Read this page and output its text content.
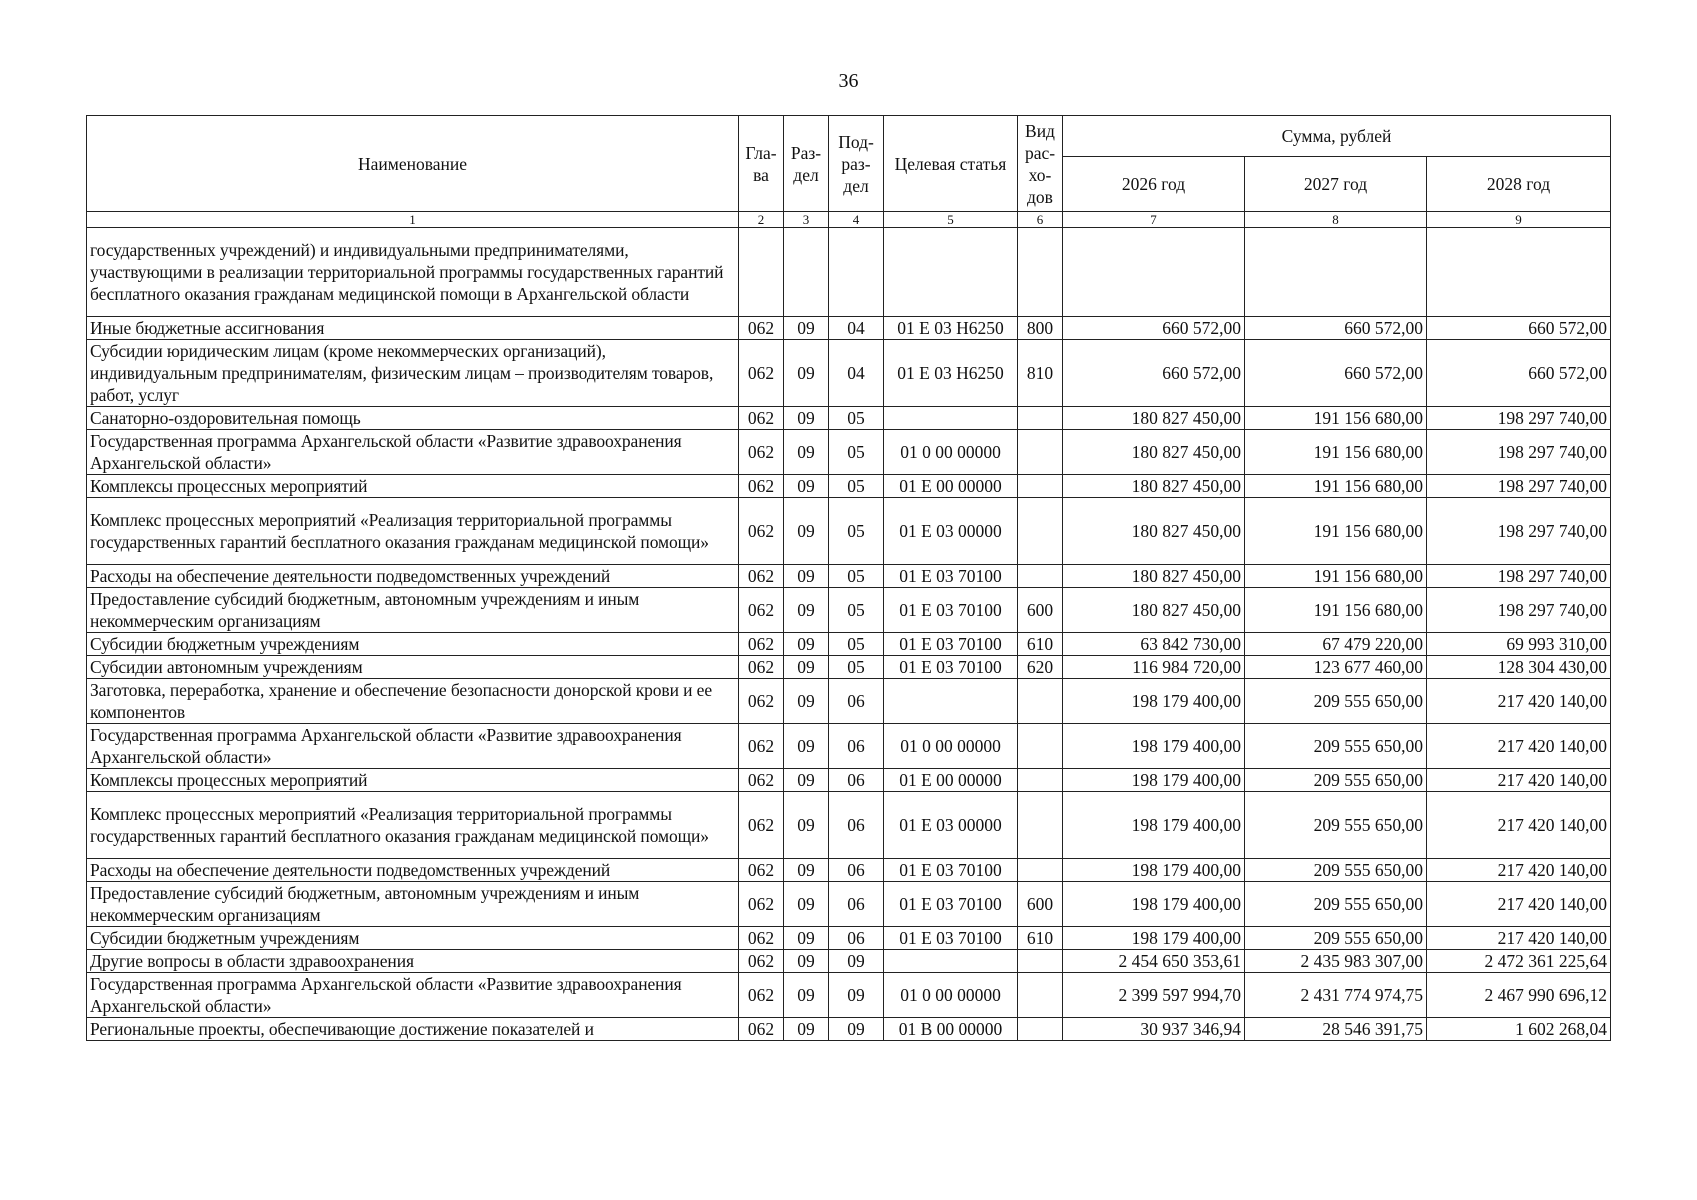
36
Наименование	Гла-ва	Раз-дел	Под-раз-дел	Целевая статья	Вид рас-хо-дов	Сумма, рублей		
						2026 год	2027 год	2028 год
1	2	3	4	5	6	7	8	9
государственных учреждений) и индивидуальными предпринимателями, участвующими в реализации территориальной программы государственных гарантий бесплатного оказания гражданам медицинской помощи в Архангельской области								
Иные бюджетные ассигнования	062	09	04	01 Е 03 Н6250	800	660 572,00	660 572,00	660 572,00
Субсидии юридическим лицам (кроме некоммерческих организаций), индивидуальным предпринимателям, физическим лицам – производителям товаров, работ, услуг	062	09	04	01 Е 03 Н6250	810	660 572,00	660 572,00	660 572,00
Санаторно-оздоровительная помощь	062	09	05			180 827 450,00	191 156 680,00	198 297 740,00
Государственная программа Архангельской области «Развитие здравоохранения Архангельской области»	062	09	05	01 0 00 00000		180 827 450,00	191 156 680,00	198 297 740,00
Комплексы процессных мероприятий	062	09	05	01 Е 00 00000		180 827 450,00	191 156 680,00	198 297 740,00
Комплекс процессных мероприятий «Реализация территориальной программы государственных гарантий бесплатного оказания гражданам медицинской помощи»	062	09	05	01 Е 03 00000		180 827 450,00	191 156 680,00	198 297 740,00
Расходы на обеспечение деятельности подведомственных учреждений	062	09	05	01 Е 03 70100		180 827 450,00	191 156 680,00	198 297 740,00
Предоставление субсидий бюджетным, автономным учреждениям и иным некоммерческим организациям	062	09	05	01 Е 03 70100	600	180 827 450,00	191 156 680,00	198 297 740,00
Субсидии бюджетным учреждениям	062	09	05	01 Е 03 70100	610	63 842 730,00	67 479 220,00	69 993 310,00
Субсидии автономным учреждениям	062	09	05	01 Е 03 70100	620	116 984 720,00	123 677 460,00	128 304 430,00
Заготовка, переработка, хранение и обеспечение безопасности донорской крови и ее компонентов	062	09	06			198 179 400,00	209 555 650,00	217 420 140,00
Государственная программа Архангельской области «Развитие здравоохранения Архангельской области»	062	09	06	01 0 00 00000		198 179 400,00	209 555 650,00	217 420 140,00
Комплексы процессных мероприятий	062	09	06	01 Е 00 00000		198 179 400,00	209 555 650,00	217 420 140,00
Комплекс процессных мероприятий «Реализация территориальной программы государственных гарантий бесплатного оказания гражданам медицинской помощи»	062	09	06	01 Е 03 00000		198 179 400,00	209 555 650,00	217 420 140,00
Расходы на обеспечение деятельности подведомственных учреждений	062	09	06	01 Е 03 70100		198 179 400,00	209 555 650,00	217 420 140,00
Предоставление субсидий бюджетным, автономным учреждениям и иным некоммерческим организациям	062	09	06	01 Е 03 70100	600	198 179 400,00	209 555 650,00	217 420 140,00
Субсидии бюджетным учреждениям	062	09	06	01 Е 03 70100	610	198 179 400,00	209 555 650,00	217 420 140,00
Другие вопросы в области здравоохранения	062	09	09			2 454 650 353,61	2 435 983 307,00	2 472 361 225,64
Государственная программа Архангельской области «Развитие здравоохранения Архангельской области»	062	09	09	01 0 00 00000		2 399 597 994,70	2 431 774 974,75	2 467 990 696,12
Региональные проекты, обеспечивающие достижение показателей и	062	09	09	01 В 00 00000		30 937 346,94	28 546 391,75	1 602 268,04
